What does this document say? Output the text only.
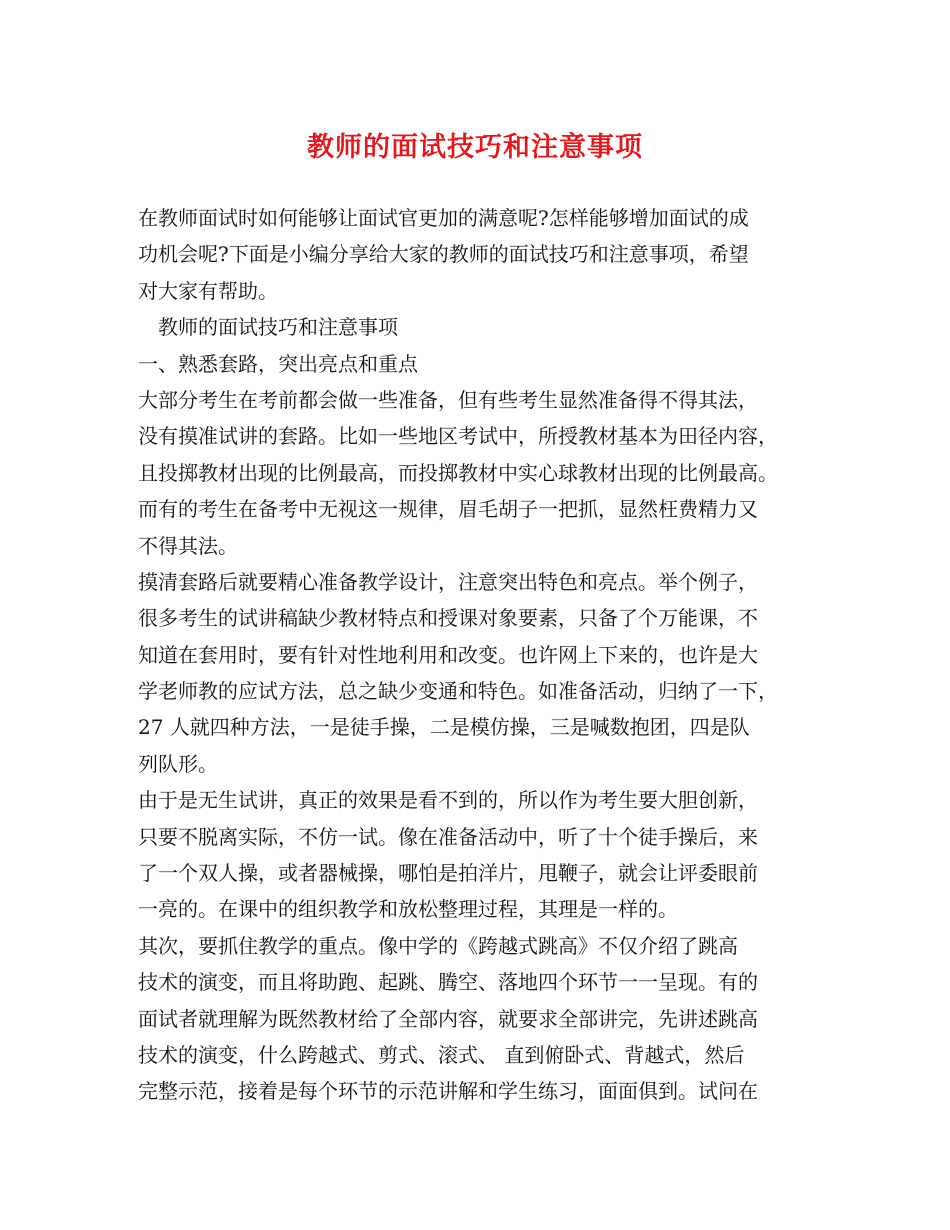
教师的面试技巧和注意事项
在教师面试时如何能够让面试官更加的满意呢?怎样能够增加面试的成
功机会呢?下面是小编分享给大家的教师的面试技巧和注意事项，希望
对大家有帮助。
　教师的面试技巧和注意事项
一、熟悉套路，突出亮点和重点
大部分考生在考前都会做一些准备，但有些考生显然准备得不得其法，
没有摸准试讲的套路。比如一些地区考试中，所授教材基本为田径内容，
且投掷教材出现的比例最高，而投掷教材中实心球教材出现的比例最高。
而有的考生在备考中无视这一规律，眉毛胡子一把抓，显然枉费精力又
不得其法。
摸清套路后就要精心准备教学设计，注意突出特色和亮点。举个例子，
很多考生的试讲稿缺少教材特点和授课对象要素，只备了个万能课，不
知道在套用时，要有针对性地利用和改变。也许网上下来的，也许是大
学老师教的应试方法，总之缺少变通和特色。如准备活动，归纳了一下，
27 人就四种方法，一是徒手操，二是模仿操，三是喊数抱团，四是队
列队形。
由于是无生试讲，真正的效果是看不到的，所以作为考生要大胆创新，
只要不脱离实际，不仿一试。像在准备活动中，听了十个徒手操后，来
了一个双人操，或者器械操，哪怕是拍洋片，甩鞭子，就会让评委眼前
一亮的。在课中的组织教学和放松整理过程，其理是一样的。
其次，要抓住教学的重点。像中学的《跨越式跳高》不仅介绍了跳高
技术的演变，而且将助跑、起跳、腾空、落地四个环节一一呈现。有的
面试者就理解为既然教材给了全部内容，就要求全部讲完，先讲述跳高
技术的演变，什么跨越式、剪式、滚式、 直到俯卧式、背越式，然后
完整示范，接着是每个环节的示范讲解和学生练习，面面俱到。试问在
